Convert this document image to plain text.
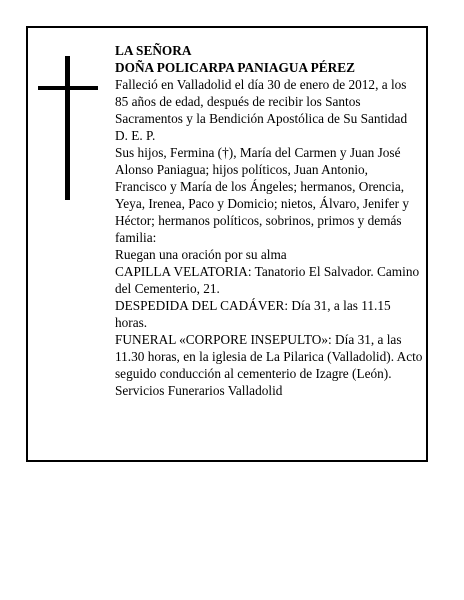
LA SEÑORA

DOÑA POLICARPA PANIAGUA PÉREZ

Falleció en Valladolid el día 30 de enero de 2012, a los 85 años de edad, después de recibir los Santos Sacramentos y la Bendición Apostólica de Su Santidad

D. E. P.

Sus hijos, Fermina (†), María del Carmen y Juan José Alonso Paniagua; hijos políticos, Juan Antonio, Francisco y María de los Ángeles; hermanos, Orencia, Yeya, Irenea, Paco y Domicio; nietos, Álvaro, Jenifer y Héctor; hermanos políticos, sobrinos, primos y demás familia:

Ruegan una oración por su alma

CAPILLA VELATORIA: Tanatorio El Salvador. Camino del Cementerio, 21.

DESPEDIDA DEL CADÁVER: Día 31, a las 11.15 horas.

FUNERAL «CORPORE INSEPULTO»: Día 31, a las 11.30 horas, en la iglesia de La Pilarica (Valladolid). Acto seguido conducción al cementerio de Izagre (León).

Servicios Funerarios Valladolid
